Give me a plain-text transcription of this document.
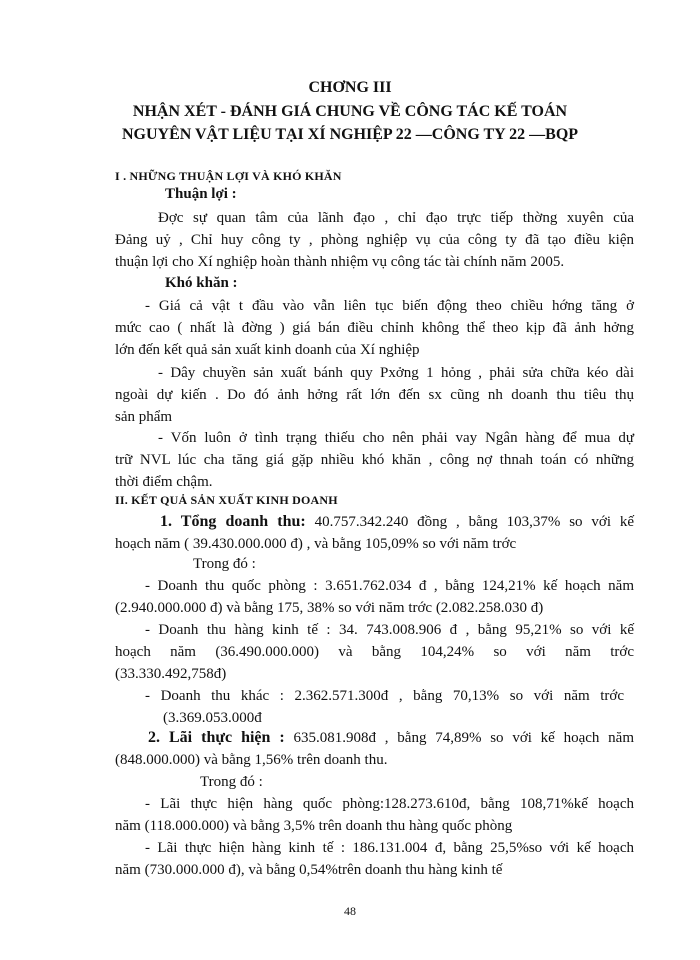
CHƠNG III
NHẬN XÉT - ĐÁNH GIÁ CHUNG VỀ CÔNG TÁC KẾ TOÁN
NGUYÊN VẬT LIỆU TẠI XÍ NGHIỆP 22 —CÔNG TY 22 —BQP
I . NHỮNG THUẬN LỢI VÀ KHÓ KHĂN
Thuận lợi :
Đợc sự quan tâm của lãnh đạo , chỉ đạo trực tiếp thờng xuyên của
Đảng uỷ , Chỉ huy công ty , phòng nghiệp vụ của công ty đã tạo điều kiện
thuận lợi cho Xí nghiệp hoàn thành nhiệm vụ công tác tài chính năm 2005.
Khó khăn :
- Giá cả vật t đầu vào vẫn liên tục biến động theo chiều hớng tăng ở
mức cao ( nhất là đờng ) giá bán điều chỉnh không thể theo kịp đã ảnh hởng
lớn đến kết quả sản xuất kinh doanh của Xí nghiệp
- Dây chuyền sản xuất bánh quy Pxởng 1 hỏng , phải sửa chữa kéo dài
ngoài dự kiến . Do đó ảnh hởng rất lớn đến sx cũng nh doanh thu tiêu thụ
sản phẩm
- Vốn luôn ở tình trạng thiếu cho nên phải vay Ngân hàng để mua dự
trữ NVL lúc cha tăng giá gặp nhiều khó khăn , công nợ thnah toán có những
thời điểm chậm.
II. KẾT QUẢ SẢN XUẤT KINH DOANH
1. Tổng doanh thu: 40.757.342.240 đồng , bằng 103,37% so với kế
hoạch năm ( 39.430.000.000 đ) , và bằng 105,09% so với năm trớc
Trong đó :
- Doanh thu quốc phòng : 3.651.762.034 đ , bằng 124,21% kế hoạch năm
(2.940.000.000 đ) và bằng 175, 38% so với năm trớc (2.082.258.030 đ)
- Doanh thu hàng kinh tế : 34. 743.008.906 đ , bằng 95,21% so với kế
hoạch năm (36.490.000.000) và bằng 104,24% so với năm trớc
(33.330.492,758đ)
- Doanh thu khác : 2.362.571.300đ , bằng 70,13% so với năm trớc
(3.369.053.000đ
2. Lãi thực hiện : 635.081.908đ , bằng 74,89% so với kế hoạch năm
(848.000.000) và bằng 1,56% trên doanh thu.
Trong đó :
- Lãi thực hiện hàng quốc phòng:128.273.610đ, bằng 108,71%kế hoạch
năm (118.000.000) và bằng 3,5% trên doanh thu hàng quốc phòng
- Lãi thực hiện hàng kinh tế : 186.131.004 đ, bằng 25,5%so với kế hoạch
năm (730.000.000 đ), và bằng 0,54%trên doanh thu hàng kinh tế
48
